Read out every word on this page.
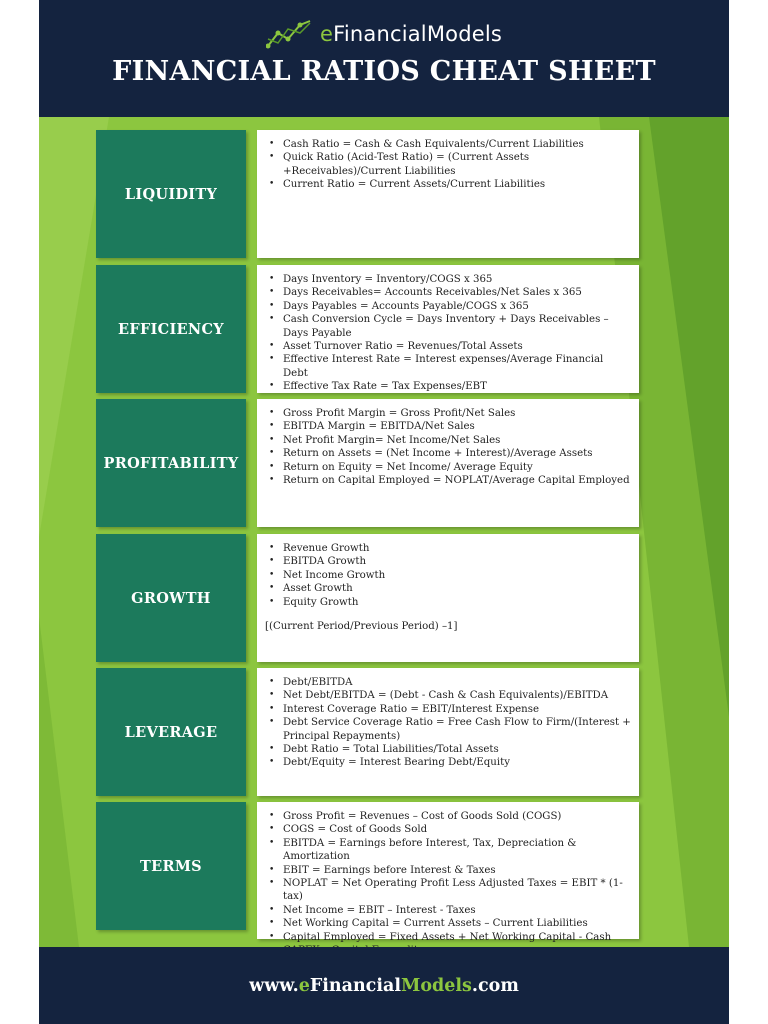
eFinancialModels
FINANCIAL RATIOS CHEAT SHEET
LIQUIDITY
• Cash Ratio = Cash & Cash Equivalents/Current Liabilities
• Quick Ratio (Acid-Test Ratio) = (Current Assets +Receivables)/Current Liabilities
• Current Ratio = Current Assets/Current Liabilities
EFFICIENCY
• Days Inventory = Inventory/COGS x 365
• Days Receivables= Accounts Receivables/Net Sales x 365
• Days Payables = Accounts Payable/COGS x 365
• Cash Conversion Cycle = Days Inventory + Days Receivables – Days Payable
• Asset Turnover Ratio = Revenues/Total Assets
• Effective Interest Rate = Interest expenses/Average Financial Debt
• Effective Tax Rate = Tax Expenses/EBT
PROFITABILITY
• Gross Profit Margin = Gross Profit/Net Sales
• EBITDA Margin = EBITDA/Net Sales
• Net Profit Margin= Net Income/Net Sales
• Return on Assets = (Net Income + Interest)/Average Assets
• Return on Equity = Net Income/ Average Equity
• Return on Capital Employed = NOPLAT/Average Capital Employed
GROWTH
• Revenue Growth
• EBITDA Growth
• Net Income Growth
• Asset Growth
• Equity Growth
[(Current Period/Previous Period) –1]
LEVERAGE
• Debt/EBITDA
• Net Debt/EBITDA = (Debt - Cash & Cash Equivalents)/EBITDA
• Interest Coverage Ratio = EBIT/Interest Expense
• Debt Service Coverage Ratio = Free Cash Flow to Firm/(Interest + Principal Repayments)
• Debt Ratio = Total Liabilities/Total Assets
• Debt/Equity = Interest Bearing Debt/Equity
TERMS
• Gross Profit = Revenues – Cost of Goods Sold (COGS)
• COGS = Cost of Goods Sold
• EBITDA = Earnings before Interest, Tax, Depreciation & Amortization
• EBIT = Earnings before Interest & Taxes
• NOPLAT = Net Operating Profit Less Adjusted Taxes = EBIT * (1-tax)
• Net Income = EBIT – Interest - Taxes
• Net Working Capital = Current Assets – Current Liabilities
• Capital Employed = Fixed Assets + Net Working Capital - Cash
•
www.eFinancialModels.com
